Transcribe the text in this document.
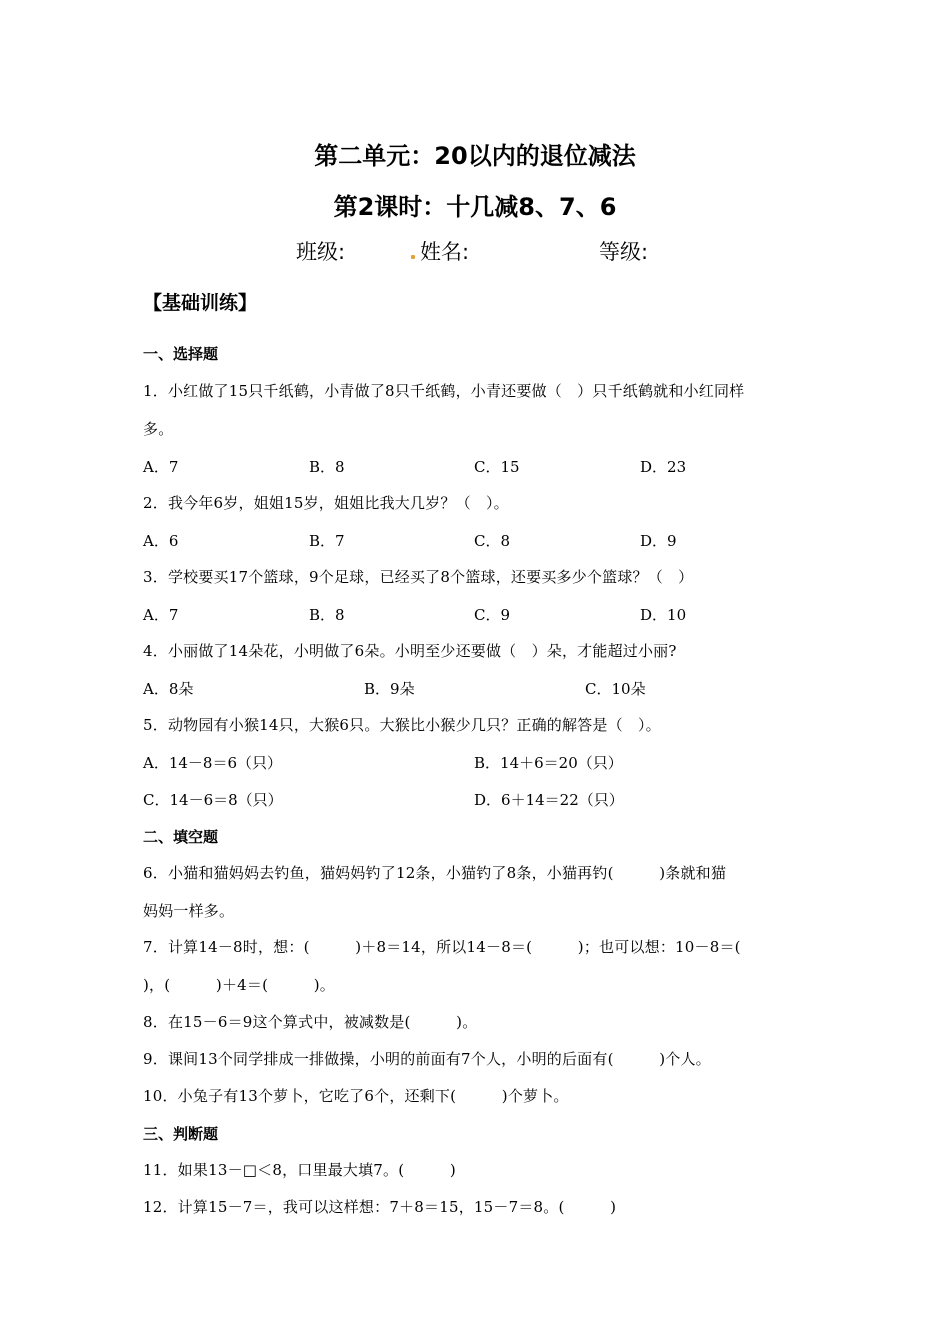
第二单元：20以内的退位减法
第2课时：十几减8、7、6
班级:	姓名:	等级:
【基础训练】
一、选择题
1．小红做了15只千纸鹤，小青做了8只千纸鹤，小青还要做（　）只千纸鹤就和小红同样
多。
A．7	B．8	C．15	D．23
2．我今年6岁，姐姐15岁，姐姐比我大几岁？（　）。
A．6	B．7	C．8	D．9
3．学校要买17个篮球，9个足球，已经买了8个篮球，还要买多少个篮球？（　）
A．7	B．8	C．9	D．10
4．小丽做了14朵花，小明做了6朵。小明至少还要做（　）朵，才能超过小丽?
A．8朵	B．9朵	C．10朵
5．动物园有小猴14只，大猴6只。大猴比小猴少几只？正确的解答是（　）。
A．14－8＝6（只）	B．14＋6＝20（只）
C．14－6＝8（只）	D．6＋14＝22（只）
二、填空题
6．小猫和猫妈妈去钓鱼，猫妈妈钓了12条，小猫钓了8条，小猫再钓(　　　)条就和猫
妈妈一样多。
7．计算14－8时，想：(　　　)＋8＝14，所以14－8＝(　　　)；也可以想：10－8＝(
)，(　　　)＋4＝(　　　)。
8．在15－6＝9这个算式中，被减数是(　　　)。
9．课间13个同学排成一排做操，小明的前面有7个人，小明的后面有(　　　)个人。
10．小兔子有13个萝卜，它吃了6个，还剩下(　　　)个萝卜。
三、判断题
11．如果13－□＜8，口里最大填7。(　　　)
12．计算15－7＝，我可以这样想：7＋8＝15，15－7＝8。(　　　)
